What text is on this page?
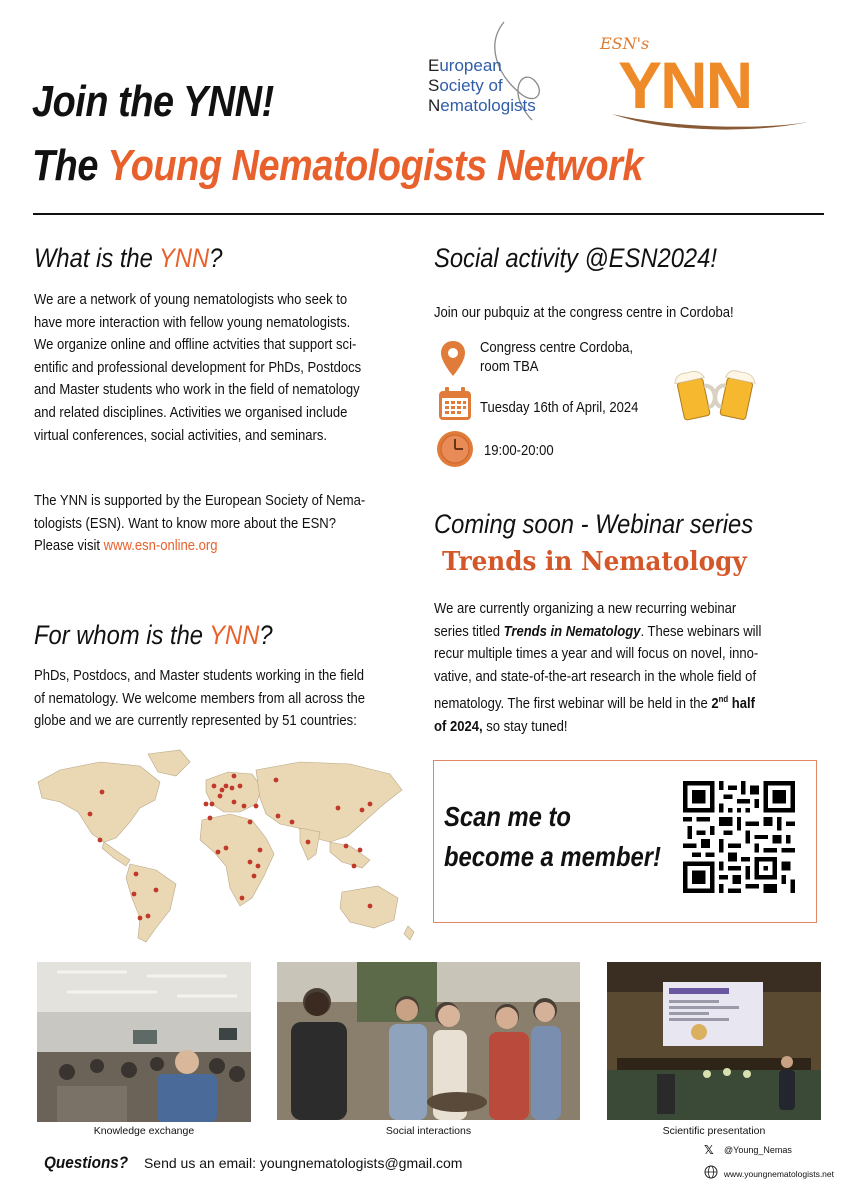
Join the YNN!
The Young Nematologists Network
European
Society of
Nematologists
ESN's
YNN
What is the YNN?
We are a network of young nematologists who seek to
have more interaction with fellow young nematologists.
We organize online and offline actvities that support sci-
entific and professional development for PhDs, Postdocs
and Master students who work in the field of nematology
and related disciplines. Activities we organised include
virtual conferences, social activities, and seminars.
The YNN is supported by the European Society of Nema-
tologists (ESN). Want to know more about the ESN?
Please visit www.esn-online.org
For whom is the YNN?
PhDs, Postdocs, and Master students working in the field
of nematology. We welcome members from all across the
globe and we are currently represented by 51 countries:
Social activity @ESN2024!
Join our pubquiz at the congress centre in Cordoba!
Congress centre Cordoba,
room TBA
Tuesday 16th of April, 2024
19:00-20:00
Coming soon - Webinar series
Trends in Nematology
We are currently organizing a new recurring webinar
series titled Trends in Nematology. These webinars will
recur multiple times a year and will focus on novel, inno-
vative, and state-of-the-art research in the whole field of
nematology. The first webinar will be held in the 2nd half
of 2024, so stay tuned!
Scan me to
become a member!
Knowledge exchange	Social interactions	Scientific presentation
Questions? Send us an email: youngnematologists@gmail.com
𝕏	@Young_Nemas
www.youngnematologists.net
